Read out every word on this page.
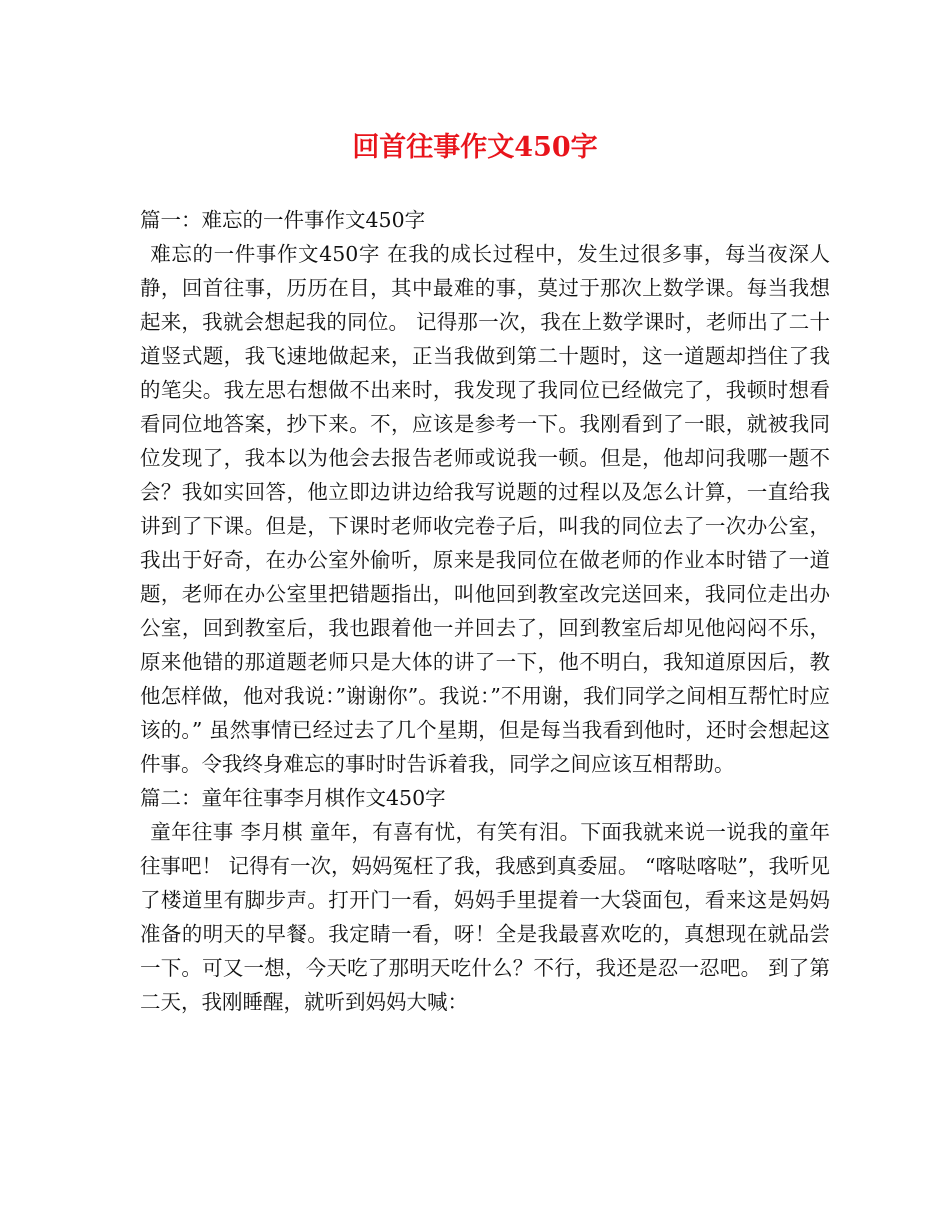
回首往事作文450字
篇一：难忘的一件事作文450字

难忘的一件事作文450字 在我的成长过程中，发生过很多事，每当夜深人静，回首往事，历历在目，其中最难的事，莫过于那次上数学课。每当我想起来，我就会想起我的同位。 记得那一次，我在上数学课时，老师出了二十道竖式题，我飞速地做起来，正当我做到第二十题时，这一道题却挡住了我的笔尖。我左思右想做不出来时，我发现了我同位已经做完了，我顿时想看看同位地答案，抄下来。不，应该是参考一下。我刚看到了一眼，就被我同位发现了，我本以为他会去报告老师或说我一顿。但是，他却问我哪一题不会？我如实回答，他立即边讲边给我写说题的过程以及怎么计算，一直给我讲到了下课。但是，下课时老师收完卷子后，叫我的同位去了一次办公室，我出于好奇，在办公室外偷听，原来是我同位在做老师的作业本时错了一道题，老师在办公室里把错题指出，叫他回到教室改完送回来，我同位走出办公室，回到教室后，我也跟着他一并回去了，回到教室后却见他闷闷不乐，原来他错的那道题老师只是大体的讲了一下，他不明白，我知道原因后，教他怎样做，他对我说：”谢谢你”。我说：”不用谢，我们同学之间相互帮忙时应该的。” 虽然事情已经过去了几个星期，但是每当我看到他时，还时会想起这件事。令我终身难忘的事时时告诉着我，同学之间应该互相帮助。

篇二：童年往事李月棋作文450字

童年往事 李月棋 童年，有喜有忧，有笑有泪。下面我就来说一说我的童年往事吧！ 记得有一次，妈妈冤枉了我，我感到真委屈。 “喀哒喀哒”，我听见了楼道里有脚步声。打开门一看，妈妈手里提着一大袋面包，看来这是妈妈准备的明天的早餐。我定睛一看，呀！全是我最喜欢吃的，真想现在就品尝一下。可又一想，今天吃了那明天吃什么？不行，我还是忍一忍吧。 到了第二天，我刚睡醒，就听到妈妈大喊：
